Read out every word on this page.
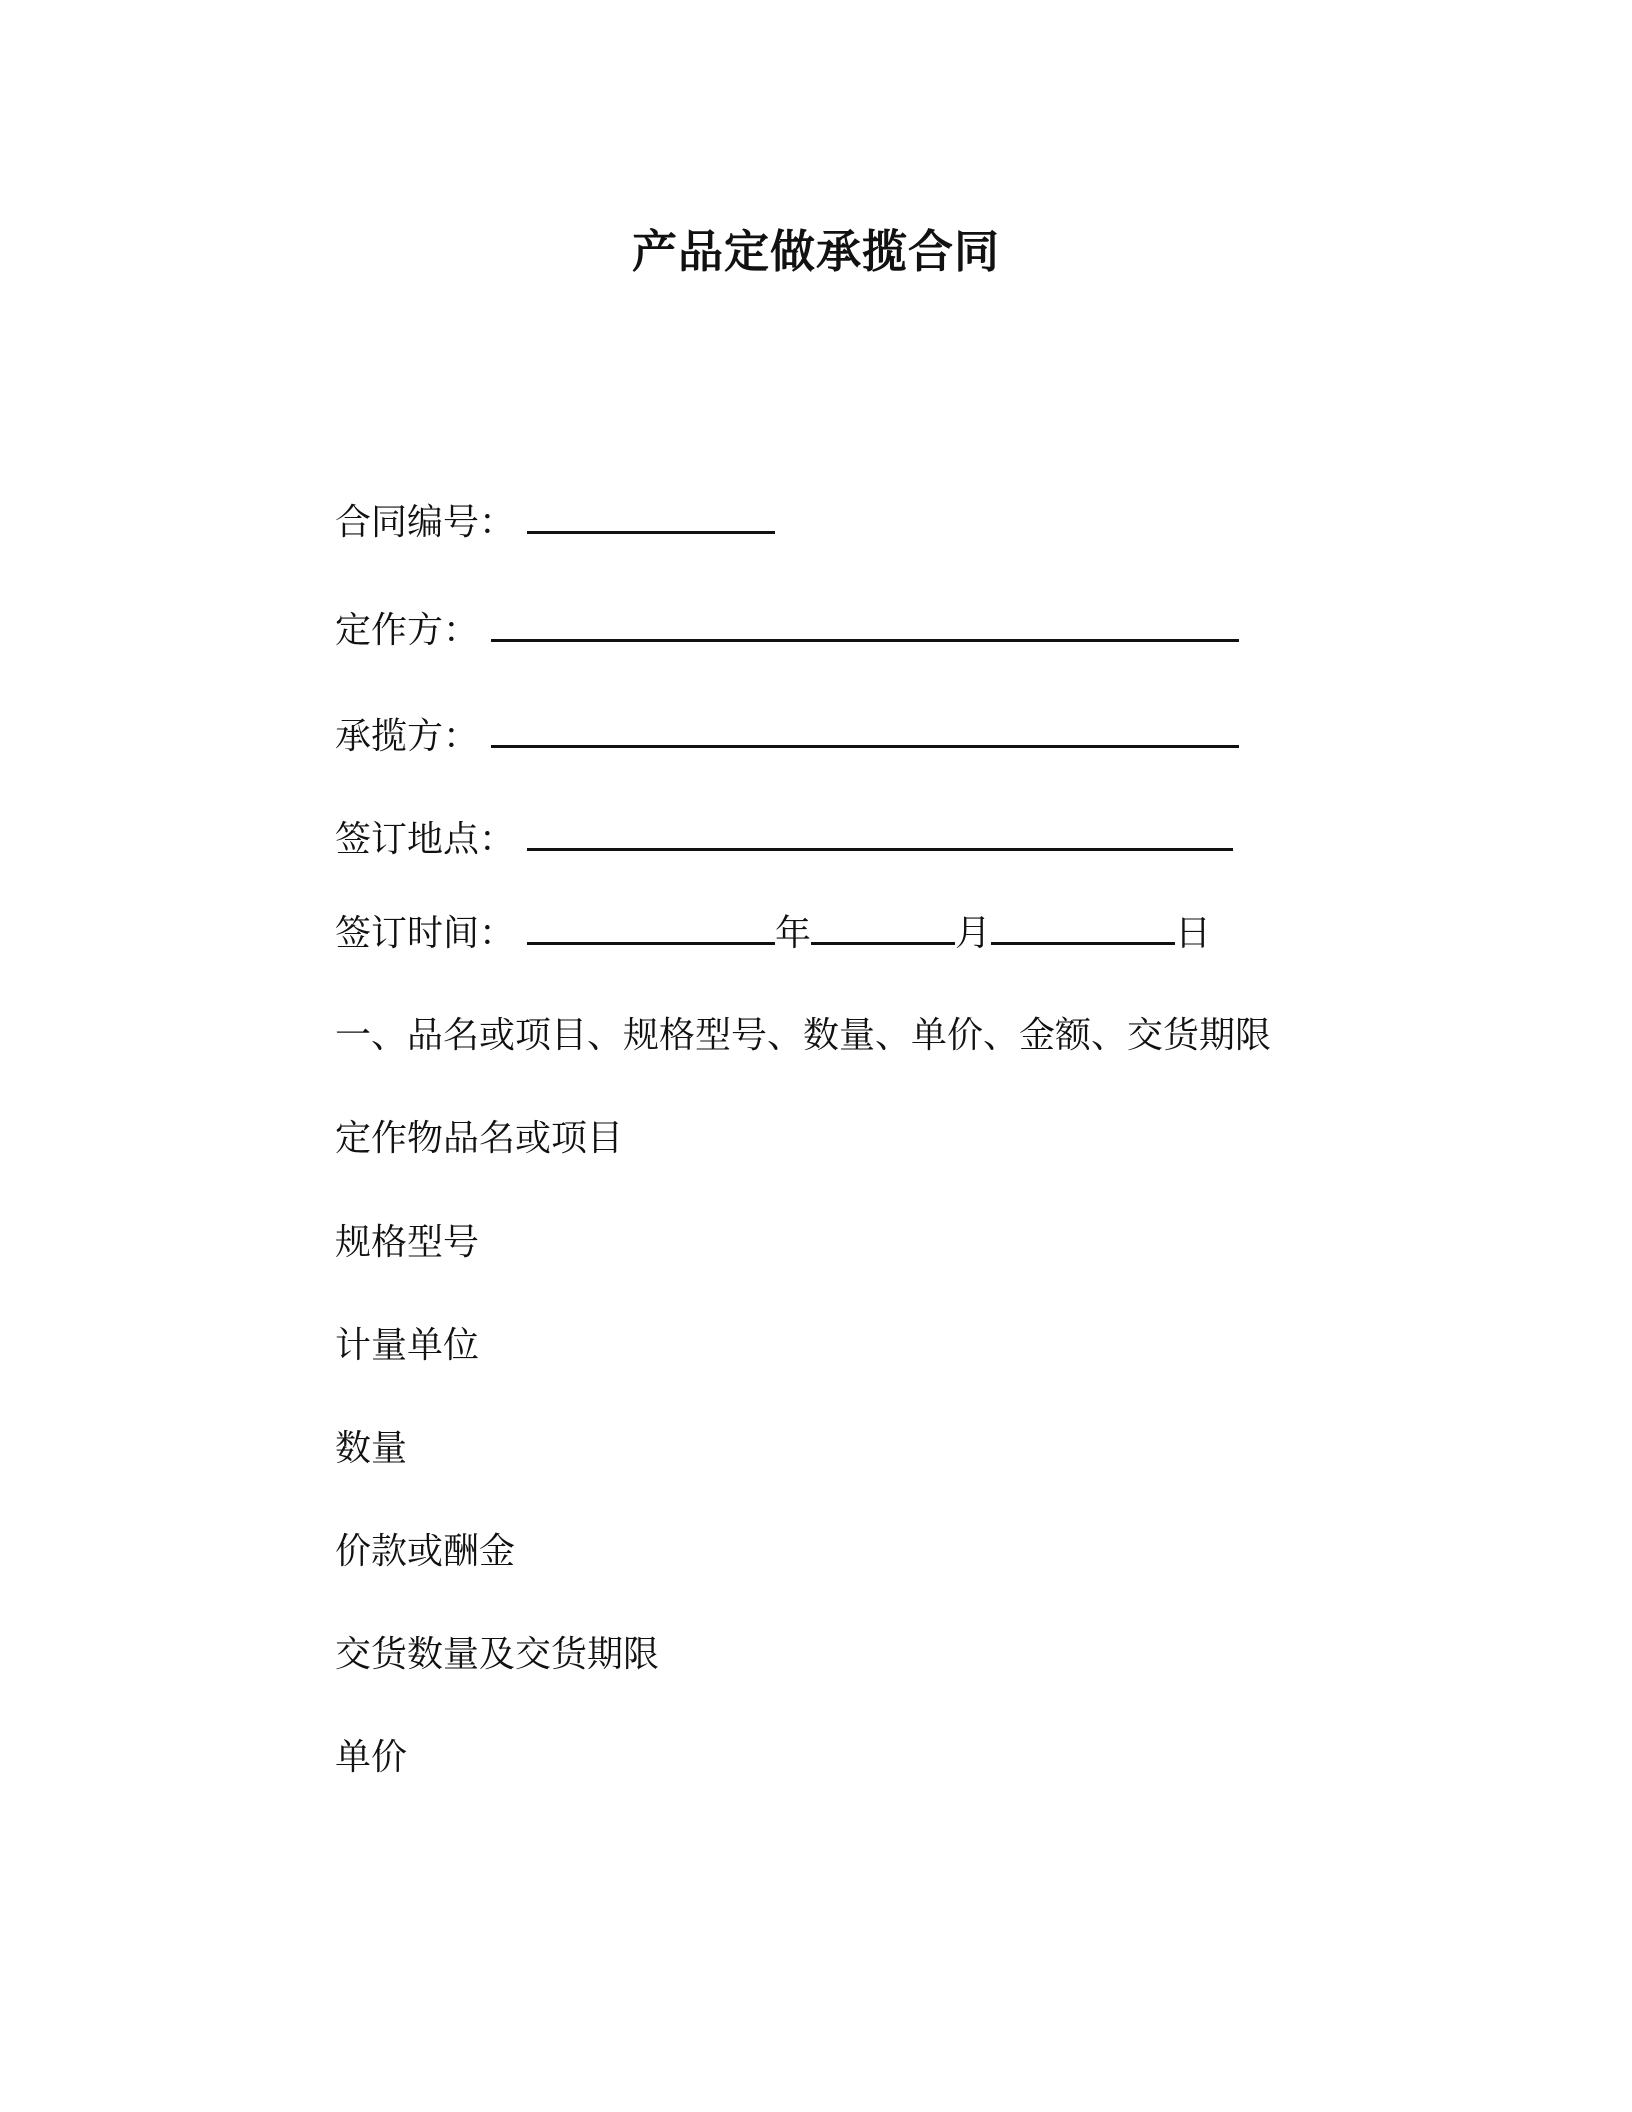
产品定做承揽合同
合同编号：
定作方：
承揽方：
签订地点：
签订时间：	年	月	日
一、品名或项目、规格型号、数量、单价、金额、交货期限
定作物品名或项目
规格型号
计量单位
数量
价款或酬金
交货数量及交货期限
单价
